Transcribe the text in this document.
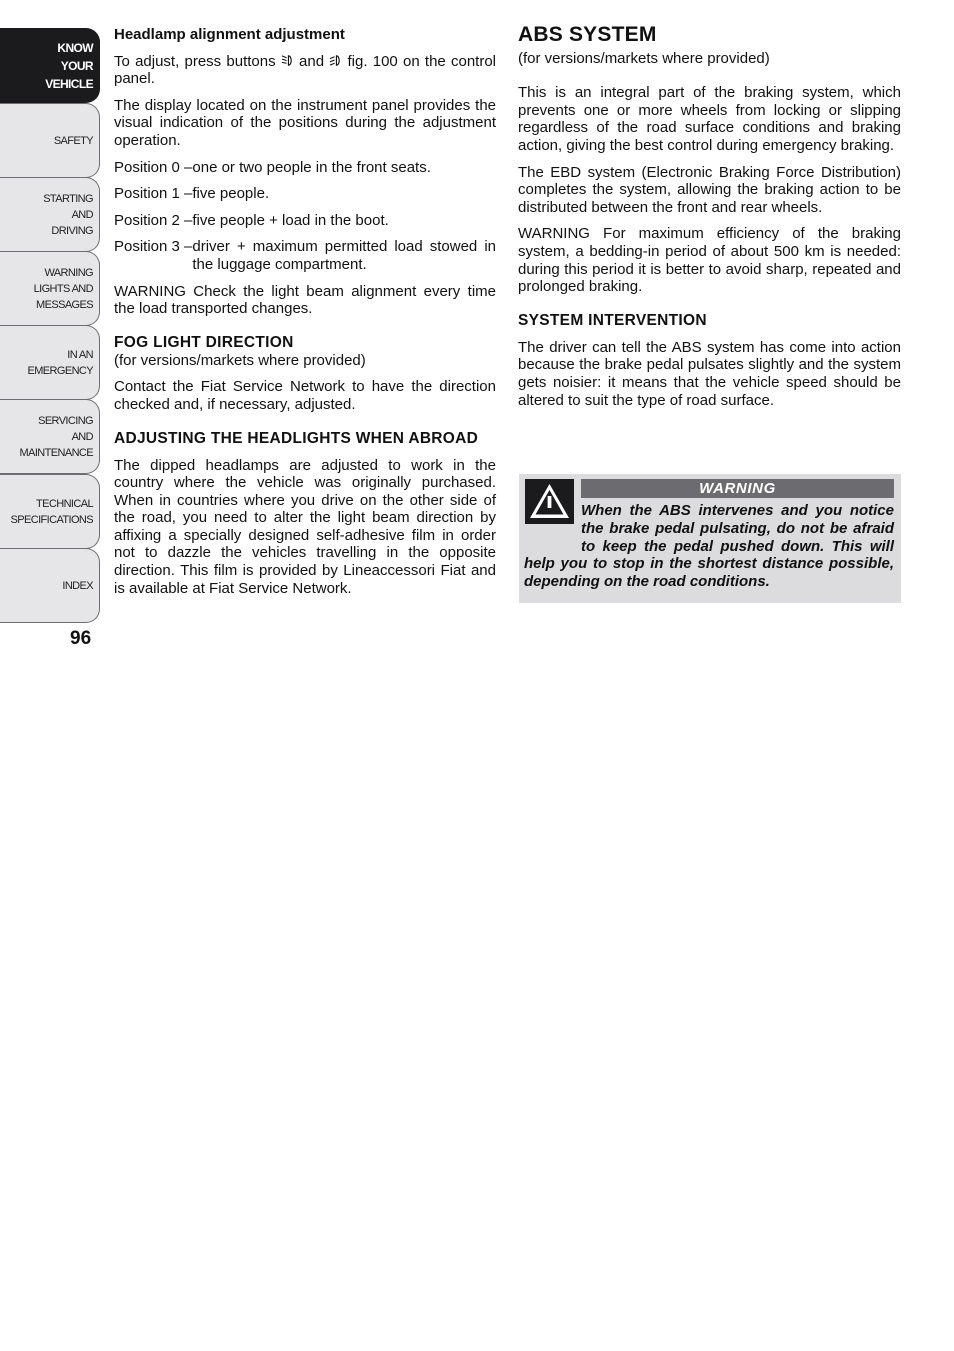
KNOW
YOUR
VEHICLE
SAFETY
STARTING
AND
DRIVING
WARNING
LIGHTS AND
MESSAGES
IN AN
EMERGENCY
SERVICING
AND
MAINTENANCE
TECHNICAL
SPECIFICATIONS
INDEX
96
Headlamp alignment adjustment

To adjust, press buttons  and  fig. 100 on the control panel.

The display located on the instrument panel provides the visual indication of the positions during the adjustment operation.

Position 0 – one or two people in the front seats.
Position 1 – five people.
Position 2 – five people + load in the boot.
Position 3 – driver + maximum permitted load stowed in the luggage compartment.

WARNING Check the light beam alignment every time the load transported changes.

FOG LIGHT DIRECTION

(for versions/markets where provided)

Contact the Fiat Service Network to have the direction checked and, if necessary, adjusted.

ADJUSTING THE HEADLIGHTS WHEN ABROAD

The dipped headlamps are adjusted to work in the country where the vehicle was originally purchased. When in countries where you drive on the other side of the road, you need to alter the light beam direction by affixing a specially designed self-adhesive film in order not to dazzle the vehicles travelling in the opposite direction. This film is provided by Lineaccessori Fiat and is available at Fiat Service Network.

ABS SYSTEM

(for versions/markets where provided)

This is an integral part of the braking system, which prevents one or more wheels from locking or slipping regardless of the road surface conditions and braking action, giving the best control during emergency braking.

The EBD system (Electronic Braking Force Distribution) completes the system, allowing the braking action to be distributed between the front and rear wheels.

WARNING For maximum efficiency of the braking system, a bedding-in period of about 500 km is needed: during this period it is better to avoid sharp, repeated and prolonged braking.

SYSTEM INTERVENTION

The driver can tell the ABS system has come into action because the brake pedal pulsates slightly and the system gets noisier: it means that the vehicle speed should be altered to suit the type of road surface.

WARNING
When the ABS intervenes and you notice the brake pedal pulsating, do not be afraid to keep the pedal pushed down. This will help you to stop in the shortest distance possible, depending on the road conditions.
